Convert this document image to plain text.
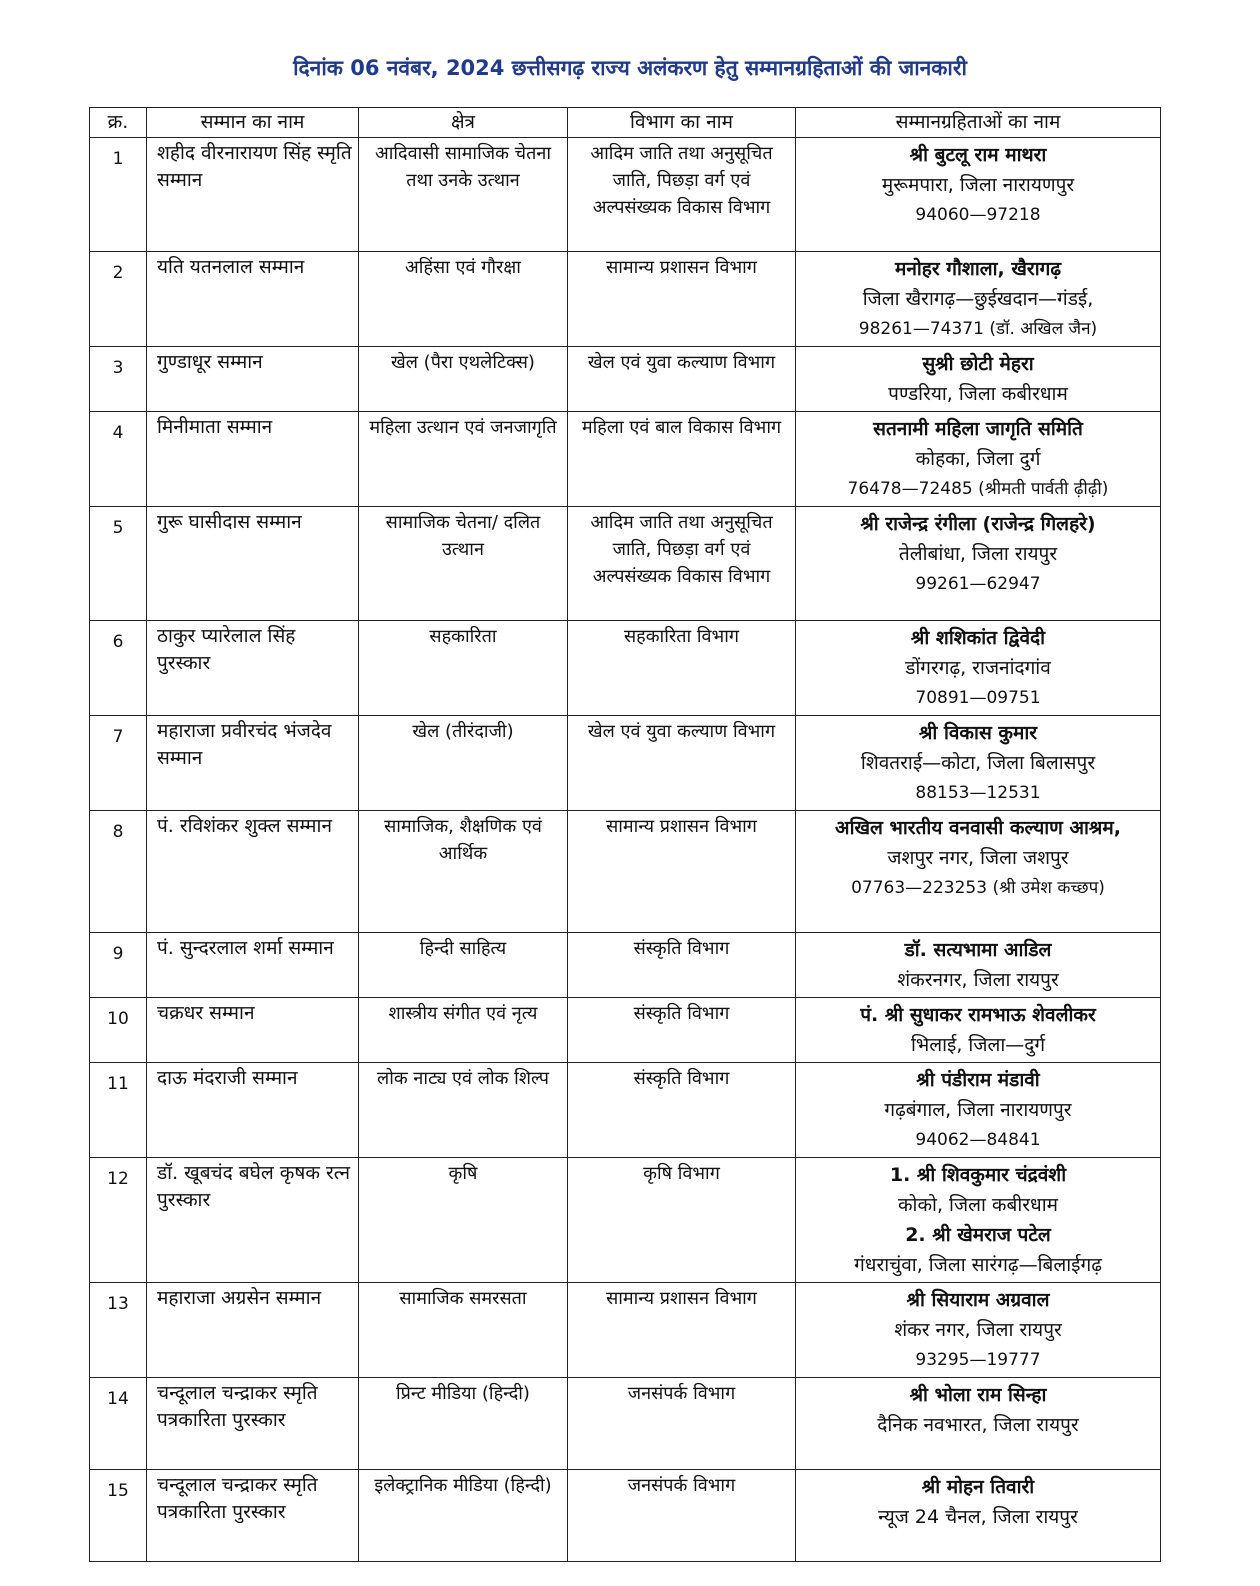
दिनांक 06 नवंबर, 2024 छत्तीसगढ़ राज्य अलंकरण हेतु सम्मानग्रहिताओं की जानकारी
क्र.	सम्मान का नाम	क्षेत्र	विभाग का नाम	सम्मानग्रहिताओं का नाम
1	शहीद वीरनारायण सिंह स्मृति सम्मान	आदिवासी सामाजिक चेतना तथा उनके उत्थान	आदिम जाति तथा अनुसूचित जाति, पिछड़ा वर्ग एवं अल्पसंख्यक विकास विभाग	श्री बुटलू राम माथरा
मुरूमपारा, जिला नारायणपुर
94060—97218

2	यति यतनलाल सम्मान	अहिंसा एवं गौरक्षा	सामान्य प्रशासन विभाग	मनोहर गौशाला, खैरागढ़
जिला खैरागढ़—छुईखदान—गंडई,
98261—74371 (डॉ. अखिल जैन)

3	गुण्डाधूर सम्मान	खेल (पैरा एथलेटिक्स)	खेल एवं युवा कल्याण विभाग	सुश्री छोटी मेहरा
पण्डरिया, जिला कबीरधाम

4	मिनीमाता सम्मान	महिला उत्थान एवं जनजागृति	महिला एवं बाल विकास विभाग	सतनामी महिला जागृति समिति
कोहका, जिला दुर्ग
76478—72485 (श्रीमती पार्वती ढ़ीढ़ी)

5	गुरू घासीदास सम्मान	सामाजिक चेतना/ दलित उत्थान	आदिम जाति तथा अनुसूचित जाति, पिछड़ा वर्ग एवं अल्पसंख्यक विकास विभाग	श्री राजेन्द्र रंगीला (राजेन्द्र गिलहरे)
तेलीबांधा, जिला रायपुर
99261—62947

6	ठाकुर प्यारेलाल सिंह पुरस्कार	सहकारिता	सहकारिता विभाग	श्री शशिकांत द्विवेदी
डोंगरगढ़, राजनांदगांव
70891—09751

7	महाराजा प्रवीरचंद भंजदेव सम्मान	खेल (तीरंदाजी)	खेल एवं युवा कल्याण विभाग	श्री विकास कुमार
शिवतराई—कोटा, जिला बिलासपुर
88153—12531

8	पं. रविशंकर शुक्ल सम्मान	सामाजिक, शैक्षणिक एवं आर्थिक	सामान्य प्रशासन विभाग	अखिल भारतीय वनवासी कल्याण आश्रम,
जशपुर नगर, जिला जशपुर
07763—223253 (श्री उमेश कच्छप)

9	पं. सुन्दरलाल शर्मा सम्मान	हिन्दी साहित्य	संस्कृति विभाग	डॉ. सत्यभामा आडिल
शंकरनगर, जिला रायपुर

10	चक्रधर सम्मान	शास्त्रीय संगीत एवं नृत्य	संस्कृति विभाग	पं. श्री सुधाकर रामभाऊ शेवलीकर
भिलाई, जिला—दुर्ग

11	दाऊ मंदराजी सम्मान	लोक नाट्य एवं लोक शिल्प	संस्कृति विभाग	श्री पंडीराम मंडावी
गढ़बंगाल, जिला नारायणपुर
94062—84841

12	डॉ. खूबचंद बघेल कृषक रत्न पुरस्कार	कृषि	कृषि विभाग	1. श्री शिवकुमार चंद्रवंशी
कोको, जिला कबीरधाम
2. श्री खेमराज पटेल
गंधराचुंवा, जिला सारंगढ़—बिलाईगढ़

13	महाराजा अग्रसेन सम्मान	सामाजिक समरसता	सामान्य प्रशासन विभाग	श्री सियाराम अग्रवाल
शंकर नगर, जिला रायपुर
93295—19777

14	चन्दूलाल चन्द्राकर स्मृति पत्रकारिता पुरस्कार	प्रिन्ट मीडिया (हिन्दी)	जनसंपर्क विभाग	श्री भोला राम सिन्हा
दैनिक नवभारत, जिला रायपुर

15	चन्दूलाल चन्द्राकर स्मृति पत्रकारिता पुरस्कार	इलेक्ट्रानिक मीडिया (हिन्दी)	जनसंपर्क विभाग	श्री मोहन तिवारी
न्यूज 24 चैनल, जिला रायपुर
